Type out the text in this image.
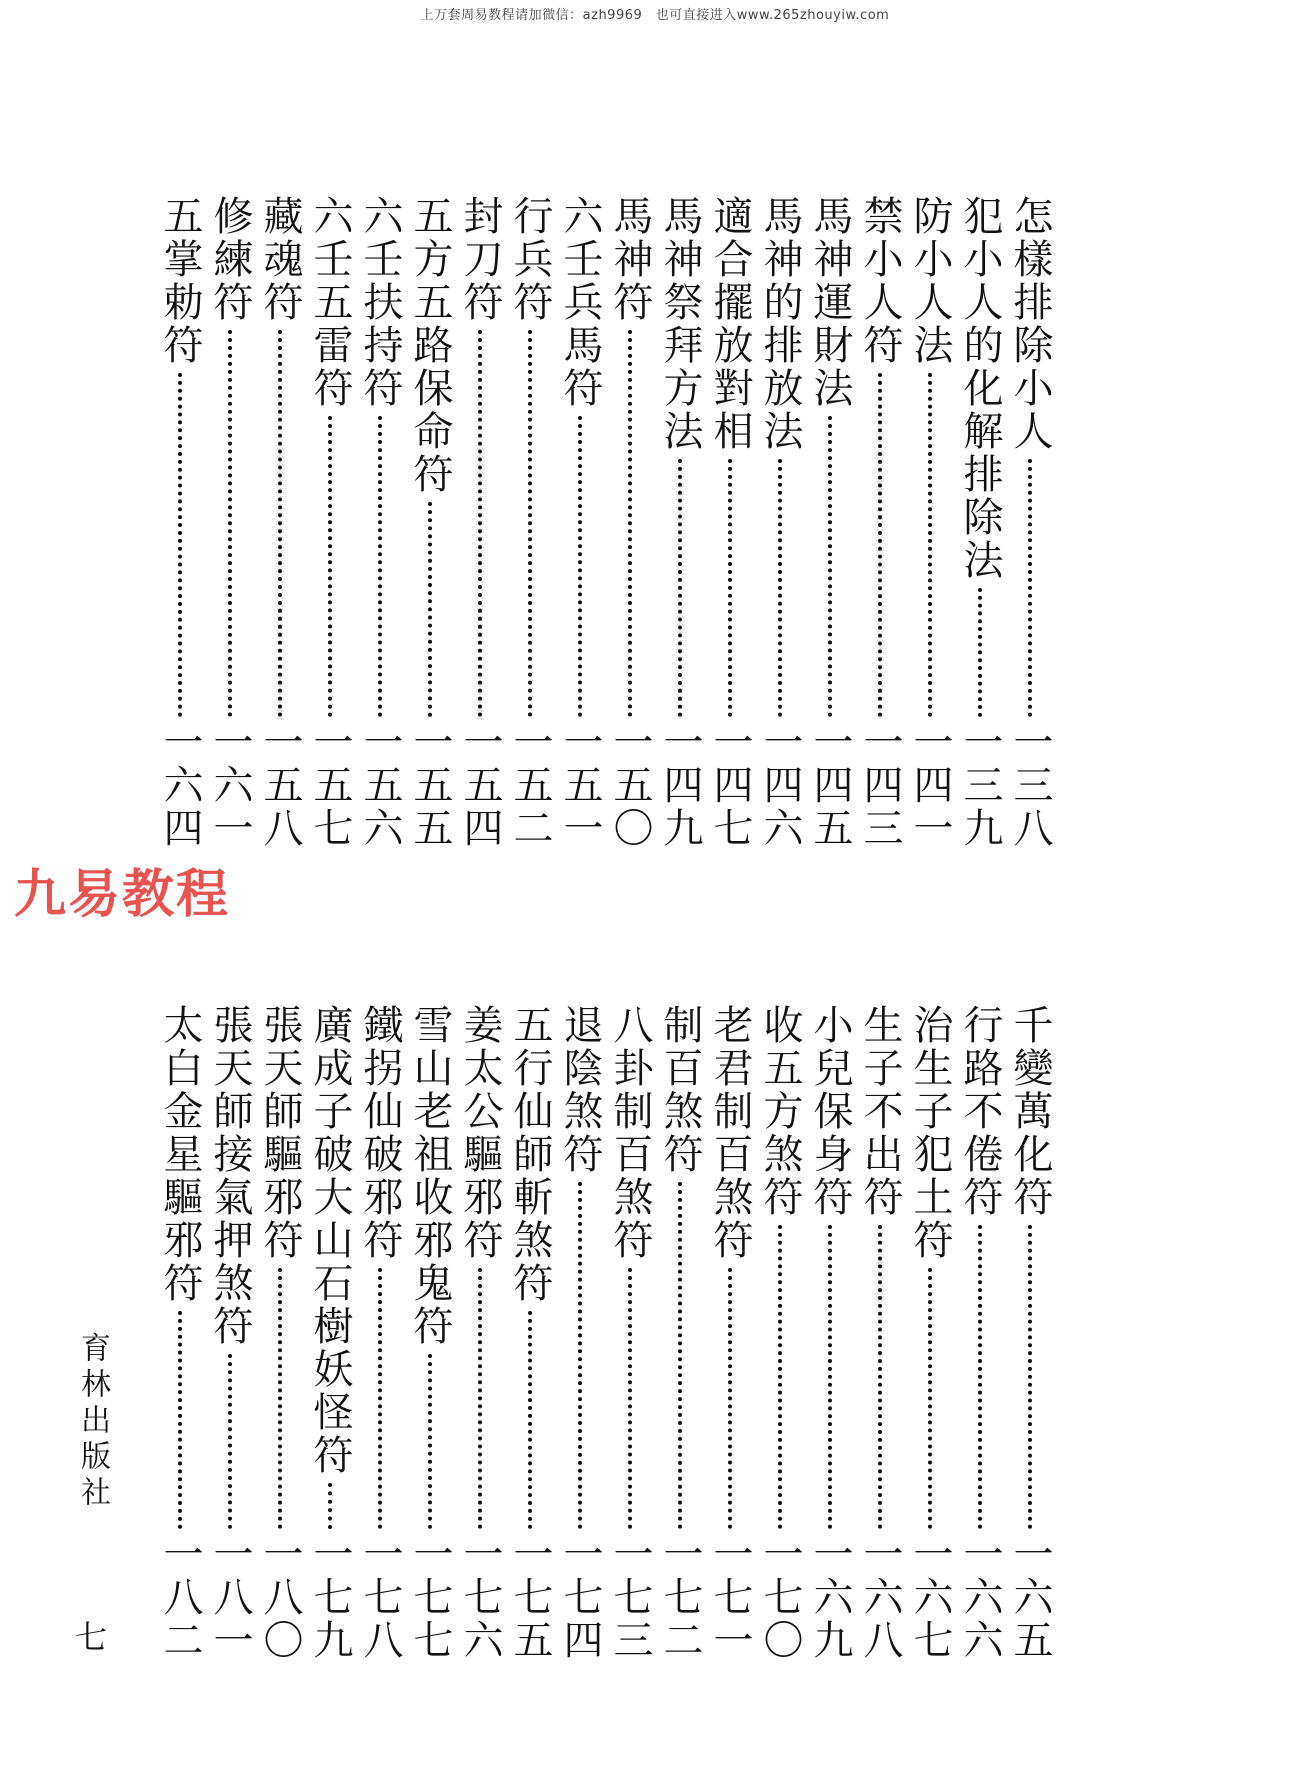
上万套周易教程请加微信：azh9969　也可直接进入www.265zhouyiw.com
九易教程
怎樣排除小人
一三八
犯小人的化解排除法
一三九
防小人法
一四一
禁小人符
一四三
馬神運財法
一四五
馬神的排放法
一四六
適合擺放對相
一四七
馬神祭拜方法
一四九
馬神符
一五〇
六壬兵馬符
一五一
行兵符
一五二
封刀符
一五四
五方五路保命符
一五五
六壬扶持符
一五六
六壬五雷符
一五七
藏魂符
一五八
修練符
一六一
五掌勅符
一六四
千變萬化符
一六五
行路不倦符
一六六
治生子犯土符
一六七
生子不出符
一六八
小兒保身符
一六九
收五方煞符
一七〇
老君制百煞符
一七一
制百煞符
一七二
八卦制百煞符
一七三
退陰煞符
一七四
五行仙師斬煞符
一七五
姜太公驅邪符
一七六
雪山老祖收邪鬼符
一七七
鐵拐仙破邪符
一七八
廣成子破大山石樹妖怪符
一七九
張天師驅邪符
一八〇
張天師接氣押煞符
一八一
太白金星驅邪符
一八二
育林出版社
七
